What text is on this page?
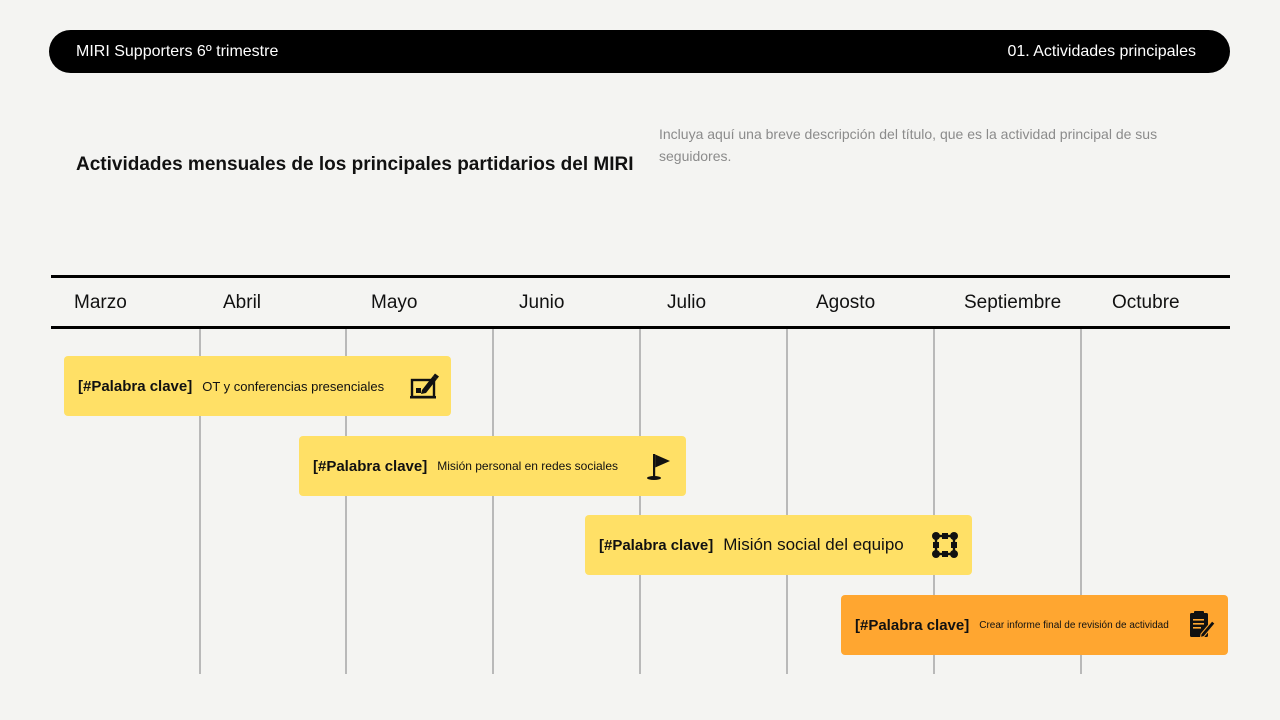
MIRI Supporters 6º trimestre	01. Actividades principales
Actividades mensuales de los principales partidarios del MIRI

Incluya aquí una breve descripción del título, que es la actividad principal de sus seguidores.

Marzo	Abril	Mayo	Junio	Julio	Agosto	Septiembre	Octubre
[#Palabra clave] OT y conferencias presenciales
[#Palabra clave] Misión personal en redes sociales
[#Palabra clave] Misión social del equipo
[#Palabra clave] Crear informe final de revisión de actividad
